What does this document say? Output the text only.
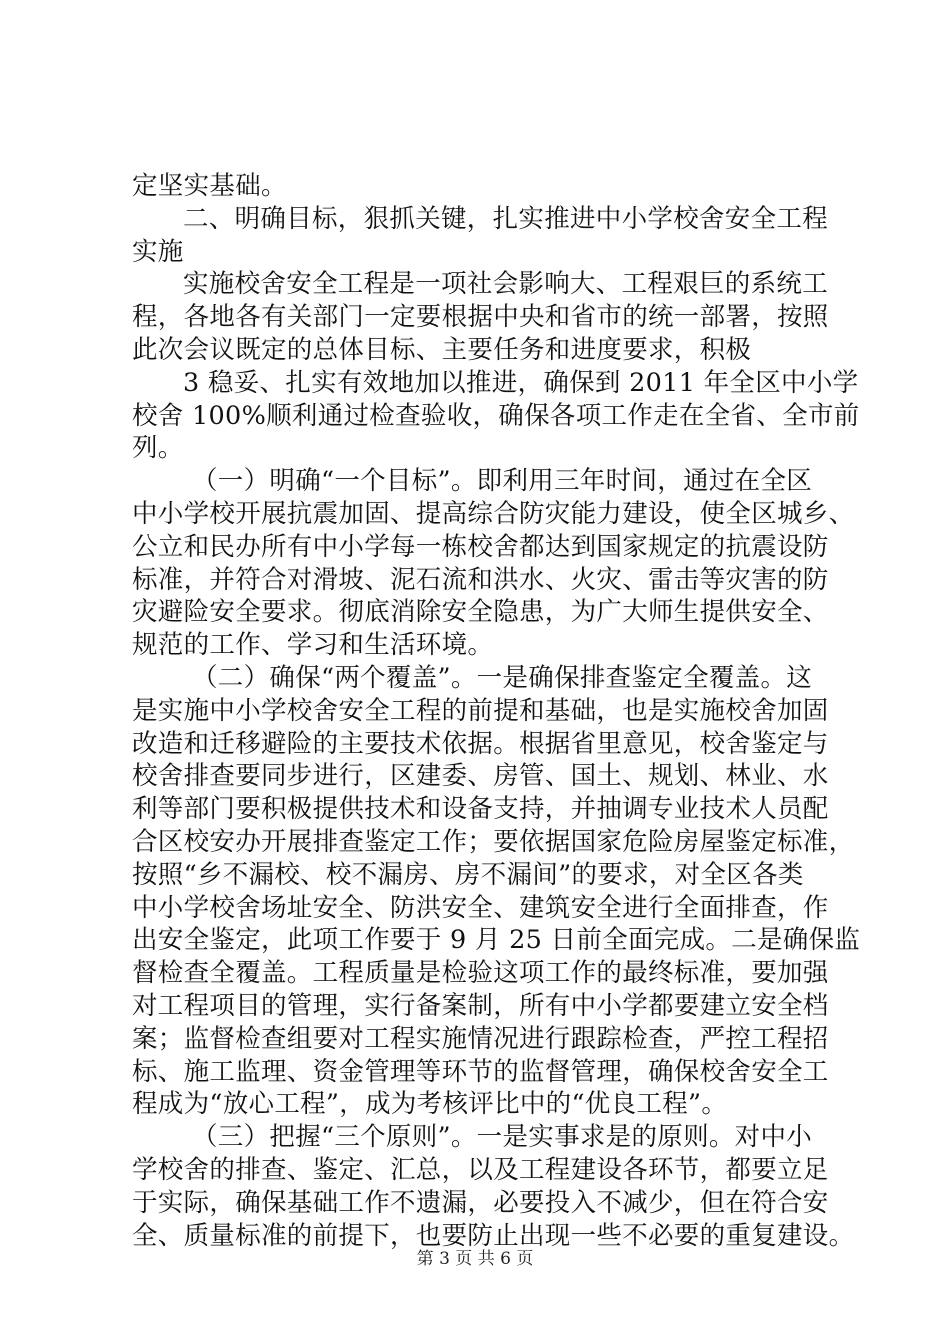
定坚实基础。
二、明确目标，狠抓关键，扎实推进中小学校舍安全工程
实施
实施校舍安全工程是一项社会影响大、工程艰巨的系统工
程，各地各有关部门一定要根据中央和省市的统一部署，按照
此次会议既定的总体目标、主要任务和进度要求，积极
3 稳妥、扎实有效地加以推进，确保到 2011 年全区中小学
校舍 100%顺利通过检查验收，确保各项工作走在全省、全市前
列。
（一）明确“一个目标”。即利用三年时间，通过在全区
中小学校开展抗震加固、提高综合防灾能力建设，使全区城乡、
公立和民办所有中小学每一栋校舍都达到国家规定的抗震设防
标准，并符合对滑坡、泥石流和洪水、火灾、雷击等灾害的防
灾避险安全要求。彻底消除安全隐患，为广大师生提供安全、
规范的工作、学习和生活环境。
（二）确保“两个覆盖”。一是确保排查鉴定全覆盖。这
是实施中小学校舍安全工程的前提和基础，也是实施校舍加固
改造和迁移避险的主要技术依据。根据省里意见，校舍鉴定与
校舍排查要同步进行，区建委、房管、国土、规划、林业、水
利等部门要积极提供技术和设备支持，并抽调专业技术人员配
合区校安办开展排查鉴定工作；要依据国家危险房屋鉴定标准，
按照“乡不漏校、校不漏房、房不漏间”的要求，对全区各类
中小学校舍场址安全、防洪安全、建筑安全进行全面排查，作
出安全鉴定，此项工作要于 9 月 25 日前全面完成。二是确保监
督检查全覆盖。工程质量是检验这项工作的最终标准，要加强
对工程项目的管理，实行备案制，所有中小学都要建立安全档
案；监督检查组要对工程实施情况进行跟踪检查，严控工程招
标、施工监理、资金管理等环节的监督管理，确保校舍安全工
程成为“放心工程”，成为考核评比中的“优良工程”。
（三）把握“三个原则”。一是实事求是的原则。对中小
学校舍的排查、鉴定、汇总，以及工程建设各环节，都要立足
于实际，确保基础工作不遗漏，必要投入不减少，但在符合安
全、质量标准的前提下，也要防止出现一些不必要的重复建设。
第 3 页 共 6 页
